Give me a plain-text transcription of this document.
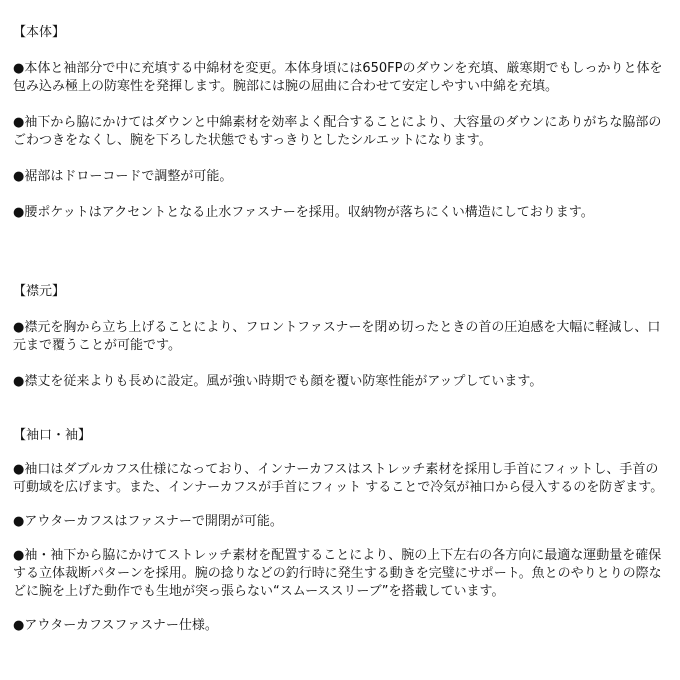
【本体】

●本体と袖部分で中に充填する中綿材を変更。本体身頃には650FPのダウンを充填、厳寒期でもしっかりと体を包み込み極上の防寒性を発揮します。腕部には腕の屈曲に合わせて安定しやすい中綿を充填。

●袖下から脇にかけてはダウンと中綿素材を効率よく配合することにより、大容量のダウンにありがちな脇部のごわつきをなくし、腕を下ろした状態でもすっきりとしたシルエットになります。

●裾部はドローコードで調整が可能。

●腰ポケットはアクセントとなる止水ファスナーを採用。収納物が落ちにくい構造にしております。

【襟元】

●襟元を胸から立ち上げることにより、フロントファスナーを閉め切ったときの首の圧迫感を大幅に軽減し、口元まで覆うことが可能です。

●襟丈を従来よりも長めに設定。風が強い時期でも顔を覆い防寒性能がアップしています。

【袖口・袖】

●袖口はダブルカフス仕様になっており、インナーカフスはストレッチ素材を採用し手首にフィットし、手首の可動域を広げます。また、インナーカフスが手首にフィット することで冷気が袖口から侵入するのを防ぎます。

●アウターカフスはファスナーで開閉が可能。

●袖・袖下から脇にかけてストレッチ素材を配置することにより、腕の上下左右の各方向に最適な運動量を確保する立体裁断パターンを採用。腕の捻りなどの釣行時に発生する動きを完璧にサポート。魚とのやりとりの際などに腕を上げた動作でも生地が突っ張らない“スムーススリーブ”を搭載しています。

●アウターカフスファスナー仕様。
